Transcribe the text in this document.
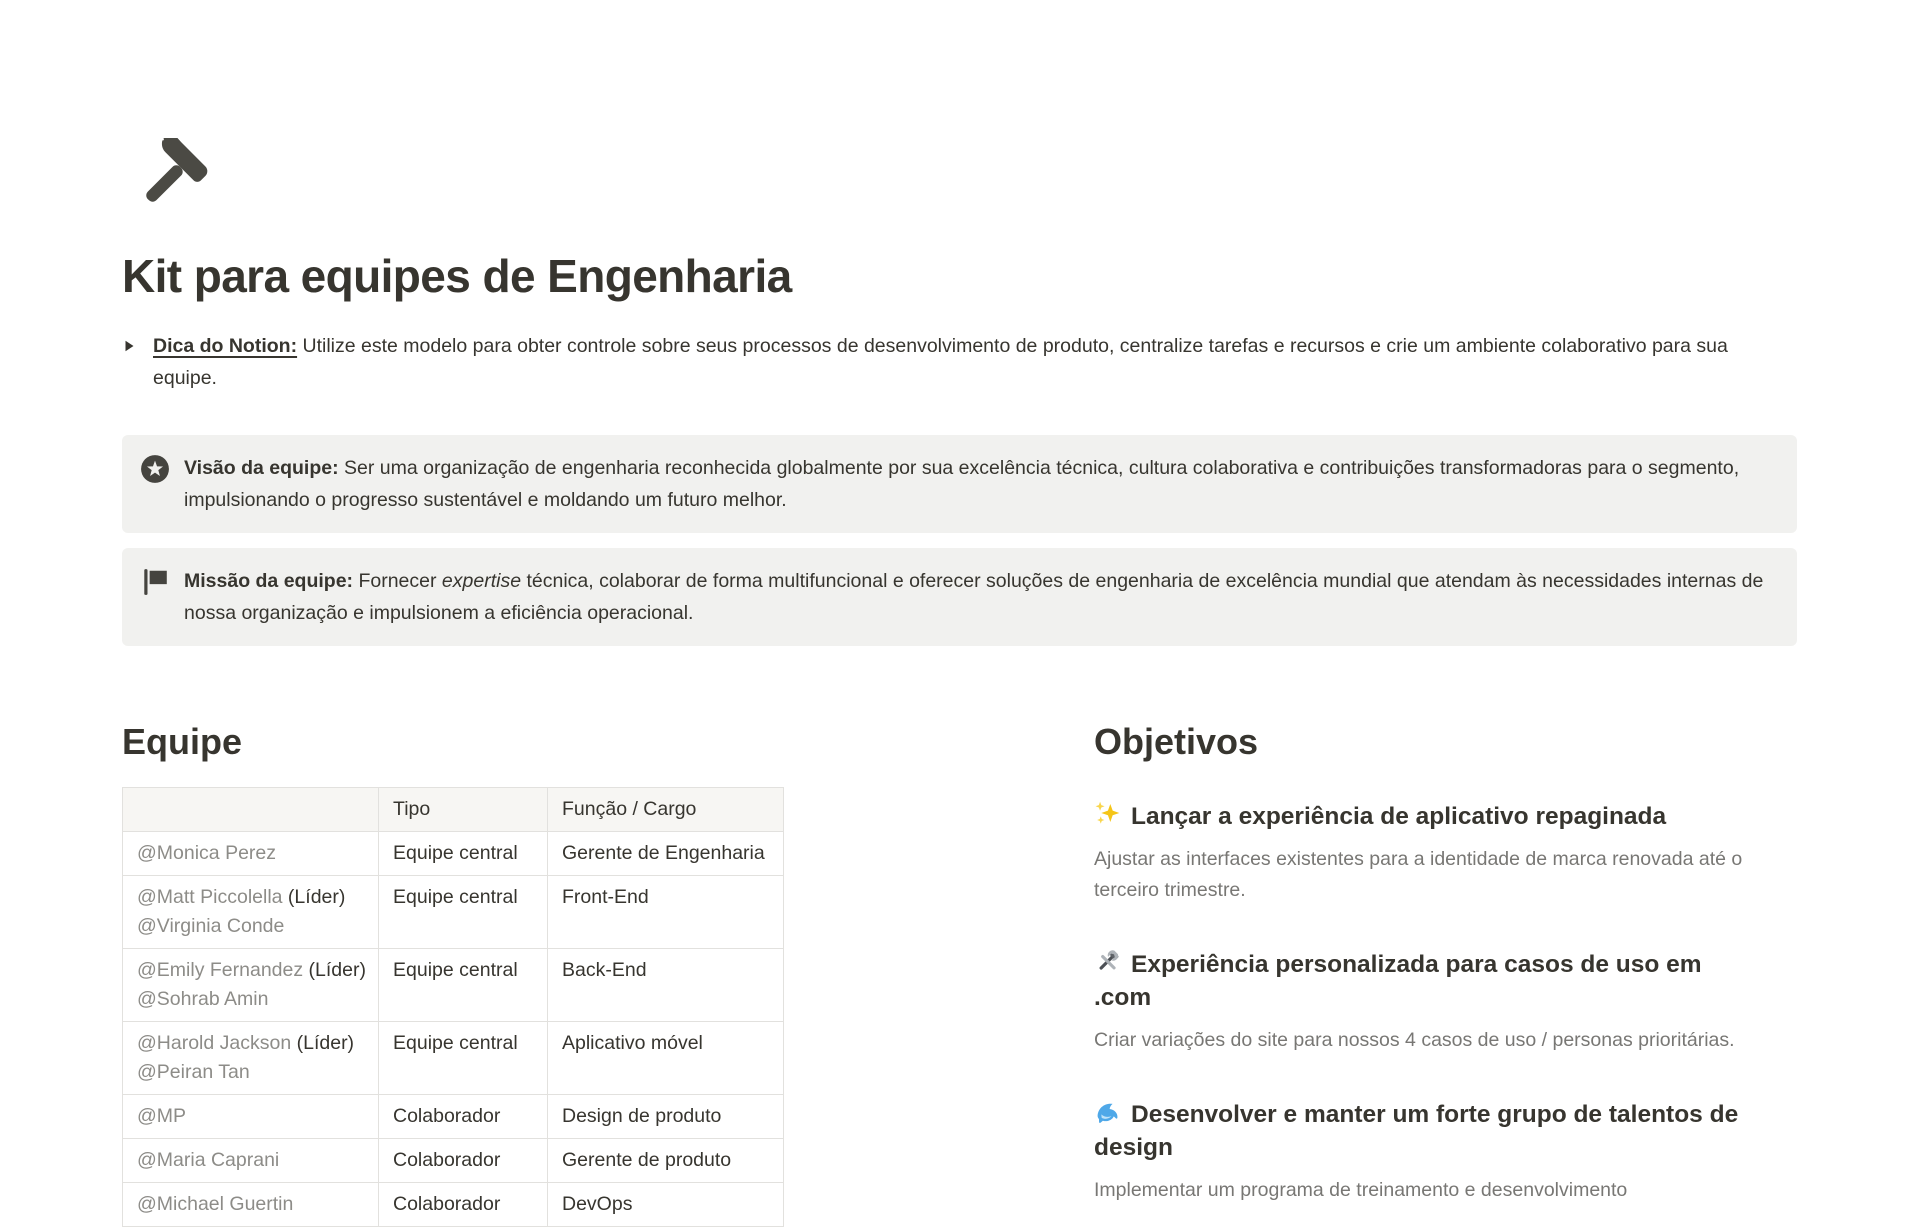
Kit para equipes de Engenharia

Dica do Notion: Utilize este modelo para obter controle sobre seus processos de desenvolvimento de produto, centralize tarefas e recursos e crie um ambiente colaborativo para sua equipe.

Visão da equipe: Ser uma organização de engenharia reconhecida globalmente por sua excelência técnica, cultura colaborativa e contribuições transformadoras para o segmento, impulsionando o progresso sustentável e moldando um futuro melhor.

Missão da equipe: Fornecer expertise técnica, colaborar de forma multifuncional e oferecer soluções de engenharia de excelência mundial que atendam às necessidades internas de nossa organização e impulsionem a eficiência operacional.

Equipe
	Tipo	Função / Cargo

@Monica Perez	Equipe central	Gerente de Engenharia

@Matt Piccolella (Líder)
@Virginia Conde	Equipe central	Front-End

@Emily Fernandez (Líder)
@Sohrab Amin	Equipe central	Back-End

@Harold Jackson (Líder)
@Peiran Tan	Equipe central	Aplicativo móvel

@MP	Colaborador	Design de produto

@Maria Caprani	Colaborador	Gerente de produto

@Michael Guertin	Colaborador	DevOps
Objetivos
Lançar a experiência de aplicativo repaginada

Ajustar as interfaces existentes para a identidade de marca renovada até o terceiro trimestre.

Experiência personalizada para casos de uso em .com

Criar variações do site para nossos 4 casos de uso / personas prioritárias.

Desenvolver e manter um forte grupo de talentos de design

Implementar um programa de treinamento e desenvolvimento
